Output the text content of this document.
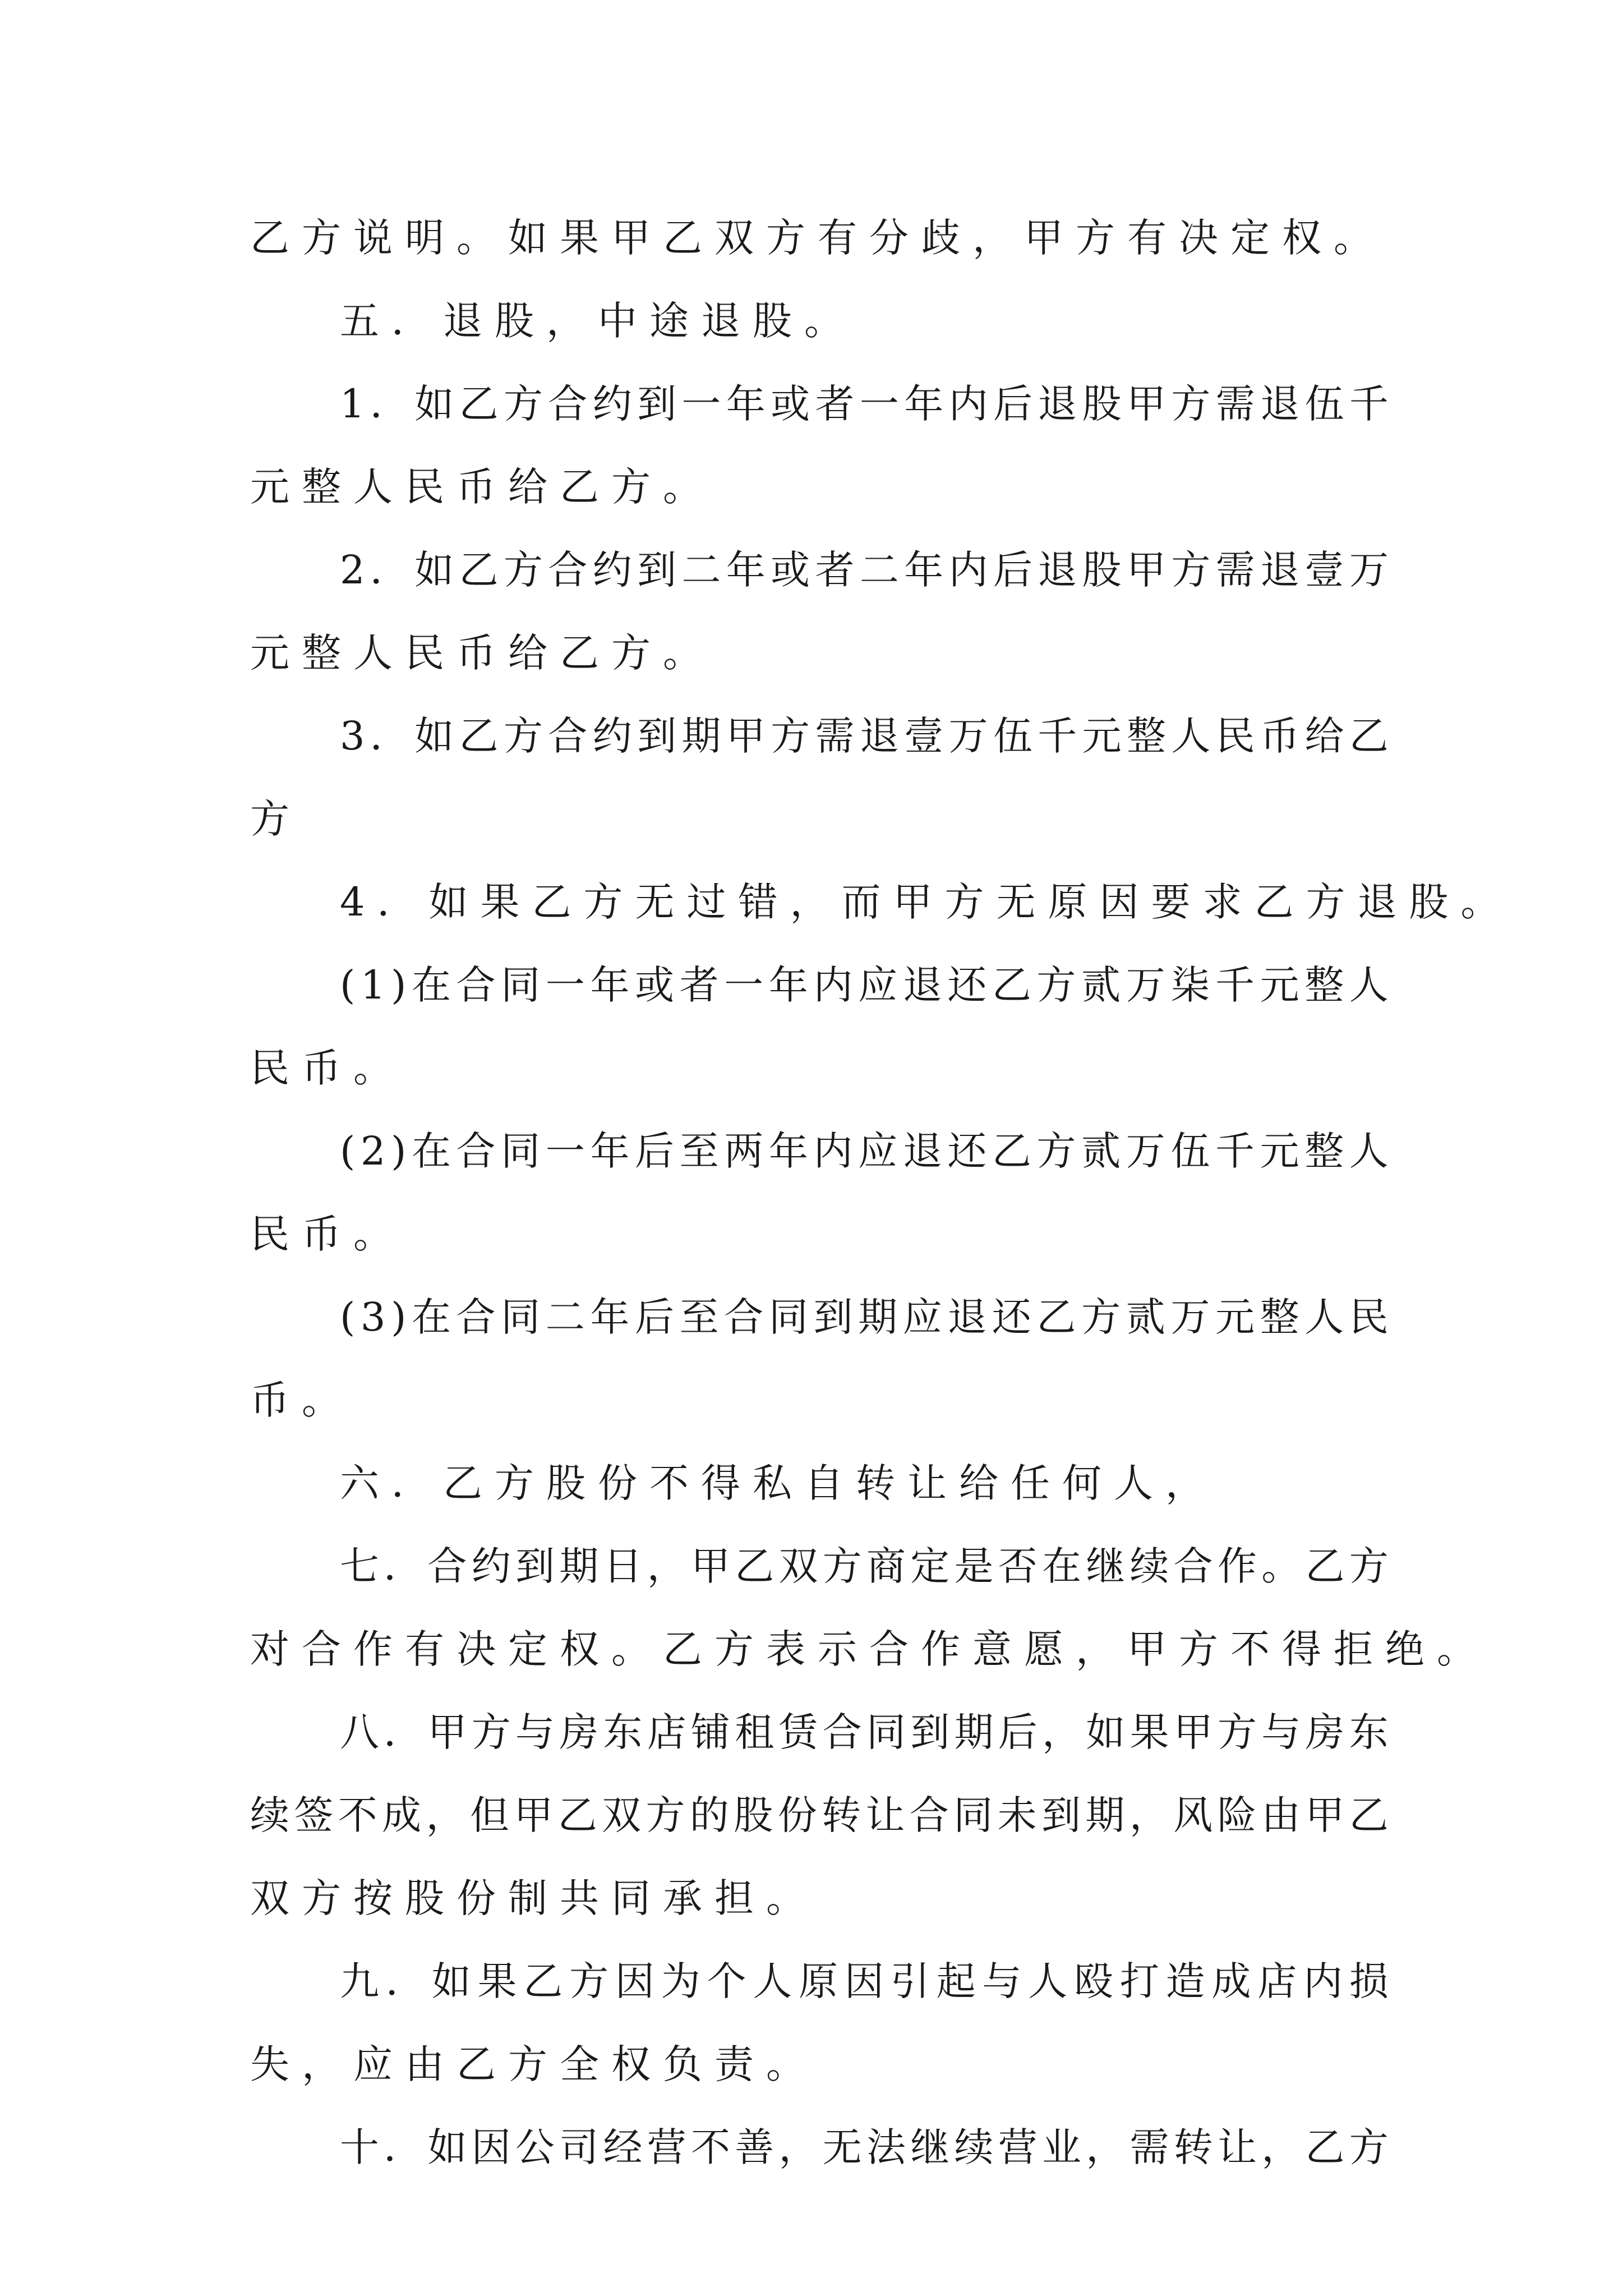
乙 方 说 明 。 如 果 甲 乙 双 方 有 分 歧 ， 甲 方 有 决 定 权 。
五 ． 退 股 ， 中 途 退 股 。
1 ． 如 乙 方 合 约 到 一 年 或 者 一 年 内 后 退 股 甲 方 需 退 伍 千
元 整 人 民 币 给 乙 方 。
2 ． 如 乙 方 合 约 到 二 年 或 者 二 年 内 后 退 股 甲 方 需 退 壹 万
元 整 人 民 币 给 乙 方 。
3 ． 如 乙 方 合 约 到 期 甲 方 需 退 壹 万 伍 千 元 整 人 民 币 给 乙
方
4 ． 如 果 乙 方 无 过 错 ， 而 甲 方 无 原 因 要 求 乙 方 退 股 。
( 1 ) 在 合 同 一 年 或 者 一 年 内 应 退 还 乙 方 贰 万 柒 千 元 整 人
民 币 。
( 2 ) 在 合 同 一 年 后 至 两 年 内 应 退 还 乙 方 贰 万 伍 千 元 整 人
民 币 。
( 3 ) 在 合 同 二 年 后 至 合 同 到 期 应 退 还 乙 方 贰 万 元 整 人 民
币 。
六 ． 乙 方 股 份 不 得 私 自 转 让 给 任 何 人 ，
七 ． 合 约 到 期 日 ， 甲 乙 双 方 商 定 是 否 在 继 续 合 作 。 乙 方
对 合 作 有 决 定 权 。 乙 方 表 示 合 作 意 愿 ， 甲 方 不 得 拒 绝 。
八 ． 甲 方 与 房 东 店 铺 租 赁 合 同 到 期 后 ， 如 果 甲 方 与 房 东
续 签 不 成 ， 但 甲 乙 双 方 的 股 份 转 让 合 同 未 到 期 ， 风 险 由 甲 乙
双 方 按 股 份 制 共 同 承 担 。
九 ． 如 果 乙 方 因 为 个 人 原 因 引 起 与 人 殴 打 造 成 店 内 损
失 ， 应 由 乙 方 全 权 负 责 。
十 ． 如 因 公 司 经 营 不 善 ， 无 法 继 续 营 业 ， 需 转 让 ， 乙 方
